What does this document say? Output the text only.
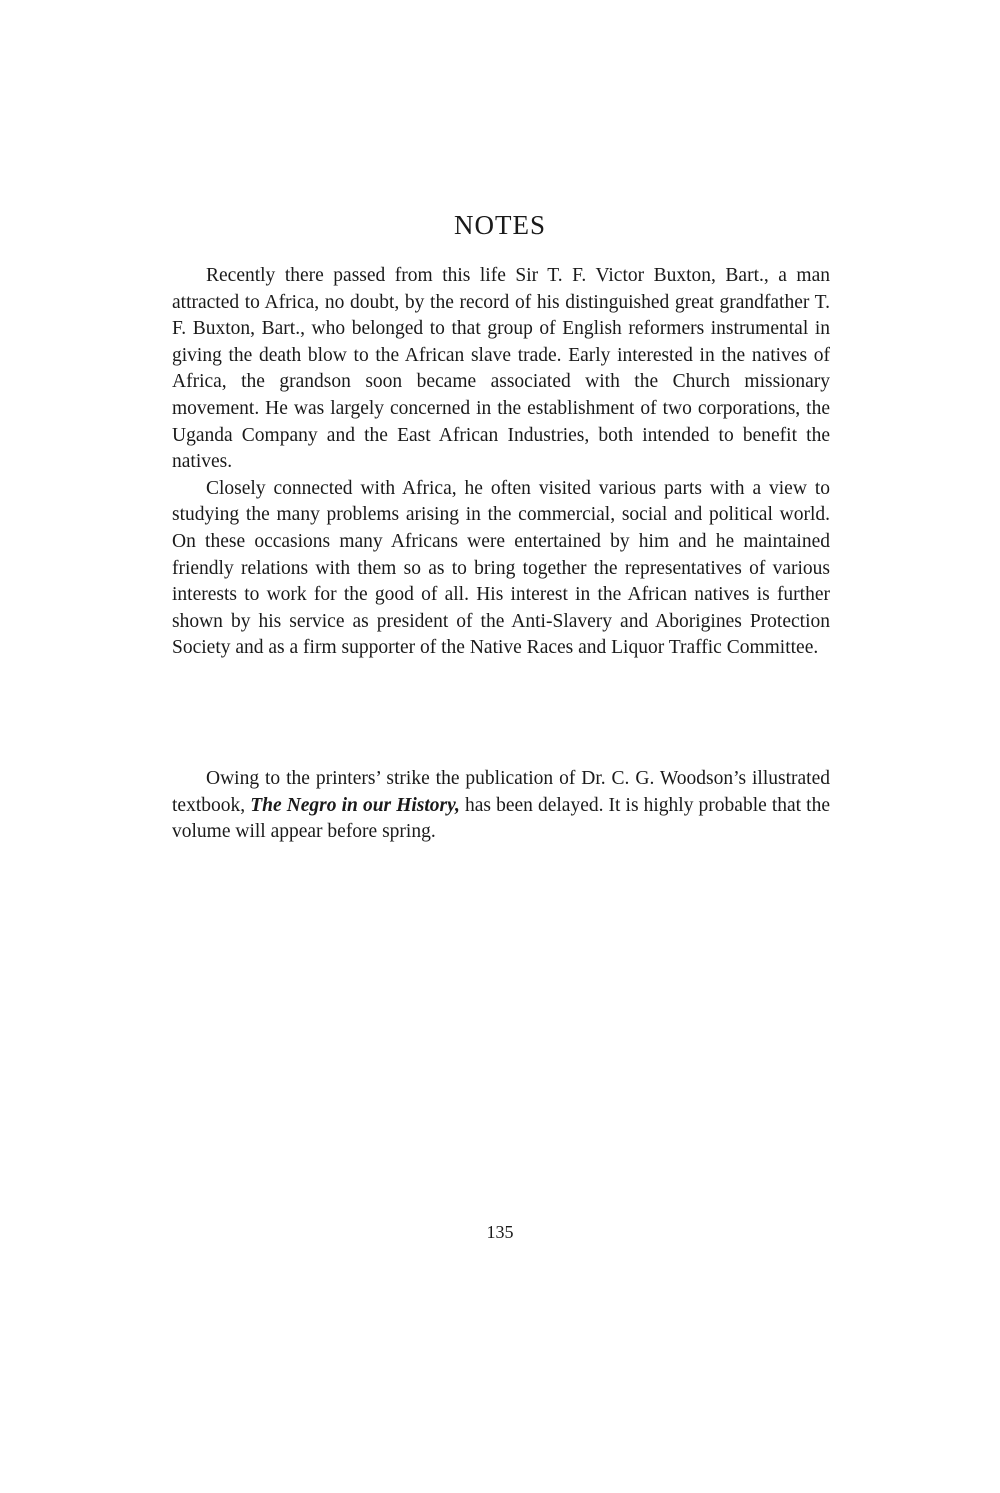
NOTES

Recently there passed from this life Sir T. F. Victor Buxton, Bart., a man attracted to Africa, no doubt, by the record of his distinguished great grandfather T. F. Buxton, Bart., who belonged to that group of English reformers instrumental in giving the death blow to the African slave trade. Early interested in the natives of Africa, the grandson soon became associated with the Church missionary movement. He was largely concerned in the establishment of two corporations, the Uganda Company and the East African Industries, both intended to benefit the natives.

Closely connected with Africa, he often visited various parts with a view to studying the many problems arising in the commercial, social and political world. On these occasions many Africans were entertained by him and he maintained friendly relations with them so as to bring together the representatives of various interests to work for the good of all. His interest in the African natives is further shown by his service as president of the Anti-Slavery and Aborigines Protection Society and as a firm supporter of the Native Races and Liquor Traffic Committee.

Owing to the printers’ strike the publication of Dr. C. G. Woodson’s illustrated textbook, The Negro in our History, has been delayed. It is highly probable that the volume will appear before spring.

135
